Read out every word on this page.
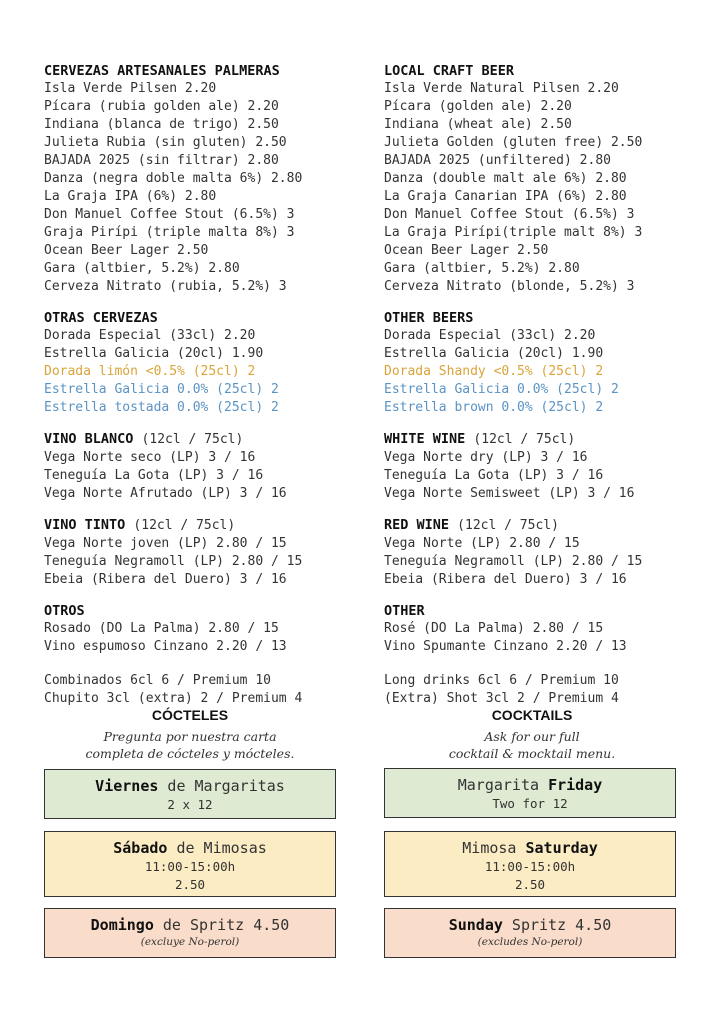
CERVEZAS ARTESANALES PALMERAS
Isla Verde Pilsen 2.20
Pícara (rubia golden ale) 2.20
Indiana (blanca de trigo) 2.50
Julieta Rubia (sin gluten) 2.50
BAJADA 2025 (sin filtrar) 2.80
Danza (negra doble malta 6%) 2.80
La Graja IPA (6%) 2.80
Don Manuel Coffee Stout (6.5%) 3
Graja Pirípi (triple malta 8%) 3
Ocean Beer Lager 2.50
Gara (altbier, 5.2%) 2.80
Cerveza Nitrato (rubia, 5.2%) 3
OTRAS CERVEZAS
Dorada Especial (33cl) 2.20
Estrella Galicia (20cl) 1.90
Dorada limón <0.5% (25cl) 2
Estrella Galicia 0.0% (25cl) 2
Estrella tostada 0.0% (25cl) 2
VINO BLANCO (12cl / 75cl)
Vega Norte seco (LP) 3 / 16
Teneguía La Gota (LP) 3 / 16
Vega Norte Afrutado (LP) 3 / 16
VINO TINTO (12cl / 75cl)
Vega Norte joven (LP) 2.80 / 15
Teneguía Negramoll (LP) 2.80 / 15
Ebeia (Ribera del Duero) 3 / 16
OTROS
Rosado (DO La Palma) 2.80 / 15
Vino espumoso Cinzano 2.20 / 13
Combinados 6cl 6 / Premium 10
Chupito 3cl (extra) 2 / Premium 4
LOCAL CRAFT BEER
Isla Verde Natural Pilsen 2.20
Pícara (golden ale) 2.20
Indiana (wheat ale) 2.50
Julieta Golden (gluten free) 2.50
BAJADA 2025 (unfiltered) 2.80
Danza (double malt ale 6%) 2.80
La Graja Canarian IPA (6%) 2.80
Don Manuel Coffee Stout (6.5%) 3
La Graja Pirípi(triple malt 8%) 3
Ocean Beer Lager 2.50
Gara (altbier, 5.2%) 2.80
Cerveza Nitrato (blonde, 5.2%) 3
OTHER BEERS
Dorada Especial (33cl) 2.20
Estrella Galicia (20cl) 1.90
Dorada Shandy <0.5% (25cl) 2
Estrella Galicia 0.0% (25cl) 2
Estrella brown 0.0% (25cl) 2
WHITE WINE (12cl / 75cl)
Vega Norte dry (LP) 3 / 16
Teneguía La Gota (LP) 3 / 16
Vega Norte Semisweet (LP) 3 / 16
RED WINE (12cl / 75cl)
Vega Norte (LP) 2.80 / 15
Teneguía Negramoll (LP) 2.80 / 15
Ebeia (Ribera del Duero) 3 / 16
OTHER
Rosé (DO La Palma) 2.80 / 15
Vino Spumante Cinzano 2.20 / 13
Long drinks 6cl 6 / Premium 10
(Extra) Shot 3cl 2 / Premium 4
CÓCTELES
Pregunta por nuestra carta
completa de cócteles y mócteles.
COCKTAILS
Ask for our full
cocktail & mocktail menu.
Viernes de Margaritas
2 x 12
Sábado de Mimosas
11:00-15:00h
2.50
Domingo de Spritz 4.50
(excluye No-perol)
Margarita Friday
Two for 12
Mimosa Saturday
11:00-15:00h
2.50
Sunday Spritz 4.50
(excludes No-perol)
